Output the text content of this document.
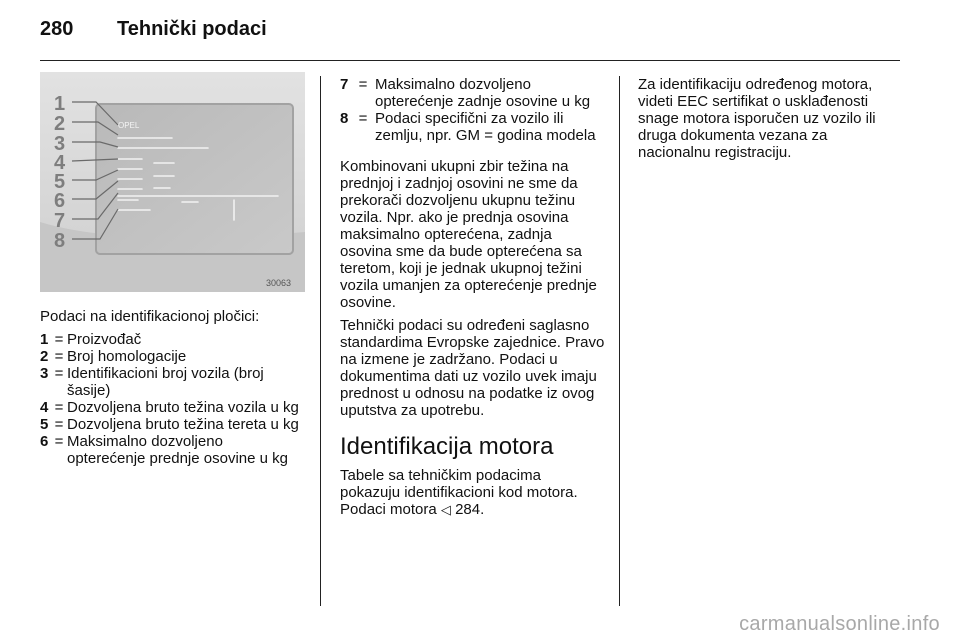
280 Tehnički podaci
OPEL
1
2
3
4
5
6
7
8
30063

Podaci na identifikacionoj pločici:

1 = Proizvođač
2 = Broj homologacije
3 = Identifikacioni broj vozila (broj šasije)
4 = Dozvoljena bruto težina vozila u kg
5 = Dozvoljena bruto težina tereta u kg
6 = Maksimalno dozvoljeno opterećenje prednje osovine u kg
7 = Maksimalno dozvoljeno opterećenje zadnje osovine u kg
8 = Podaci specifični za vozilo ili zemlju, npr. GM = godina modela

Kombinovani ukupni zbir težina na prednjoj i zadnjoj osovini ne sme da prekorači dozvoljenu ukupnu težinu vozila. Npr. ako je prednja osovina maksimalno opterećena, zadnja osovina sme da bude opterećena sa teretom, koji je jednak ukupnoj težini vozila umanjen za opterećenje prednje osovine.

Tehnički podaci su određeni saglasno standardima Evropske zajednice. Pravo na izmene je zadržano. Podaci u dokumentima dati uz vozilo uvek imaju prednost u odnosu na podatke iz ovog uputstva za upotrebu.

Identifikacija motora

Tabele sa tehničkim podacima pokazuju identifikacioni kod motora. Podaci motora ◁ 284.

Za identifikaciju određenog motora, videti EEC sertifikat o usklađenosti snage motora isporučen uz vozilo ili druga dokumenta vezana za nacionalnu registraciju.

carmanualsonline.info
